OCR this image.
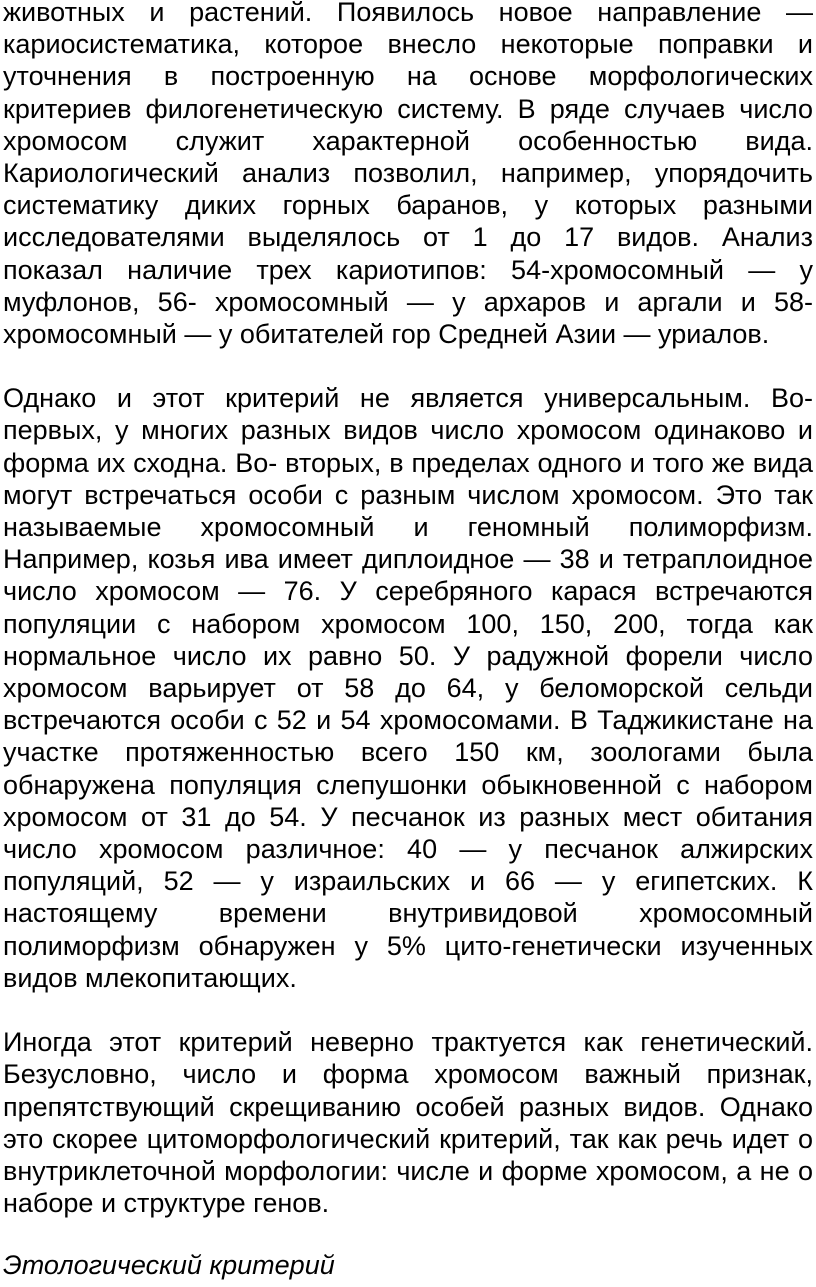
животных и растений. Появилось новое направление — кариосистематика, которое внесло некоторые поправки и уточнения в построенную на основе морфологических критериев филогенетическую систему. В ряде случаев число хромосом служит характерной особенностью вида. Кариологический анализ позволил, например, упорядочить систематику диких горных баранов, у которых разными исследователями выделялось от 1 до 17 видов. Анализ показал наличие трех кариотипов: 54-хромосомный — у муфлонов, 56- хромосомный — у архаров и аргали и 58-хромосомный — у обитателей гор Средней Азии — уриалов.

Однако и этот критерий не является универсальным. Во-первых, у многих разных видов число хромосом одинаково и форма их сходна. Во- вторых, в пределах одного и того же вида могут встречаться особи с разным числом хромосом. Это так называемые хромосомный и геномный полиморфизм. Например, козья ива имеет диплоидное — 38 и тетраплоидное число хромосом — 76. У серебряного карася встречаются популяции с набором хромосом 100, 150, 200, тогда как нормальное число их равно 50. У радужной форели число хромосом варьирует от 58 до 64, у беломорской сельди встречаются особи с 52 и 54 хромосомами. В Таджикистане на участке протяженностью всего 150 км, зоологами была обнаружена популяция слепушонки обыкновенной с набором хромосом от 31 до 54. У песчанок из разных мест обитания число хромосом различное: 40 — у песчанок алжирских популяций, 52 — у израильских и 66 — у египетских. К настоящему времени внутривидовой хромосомный полиморфизм обнаружен у 5% цито-генетически изученных видов млекопитающих.

Иногда этот критерий неверно трактуется как генетический. Безусловно, число и форма хромосом важный признак, препятствующий скрещиванию особей разных видов. Однако это скорее цитоморфологический критерий, так как речь идет о внутриклеточной морфологии: числе и форме хромосом, а не о наборе и структуре генов.

Этологический критерий
